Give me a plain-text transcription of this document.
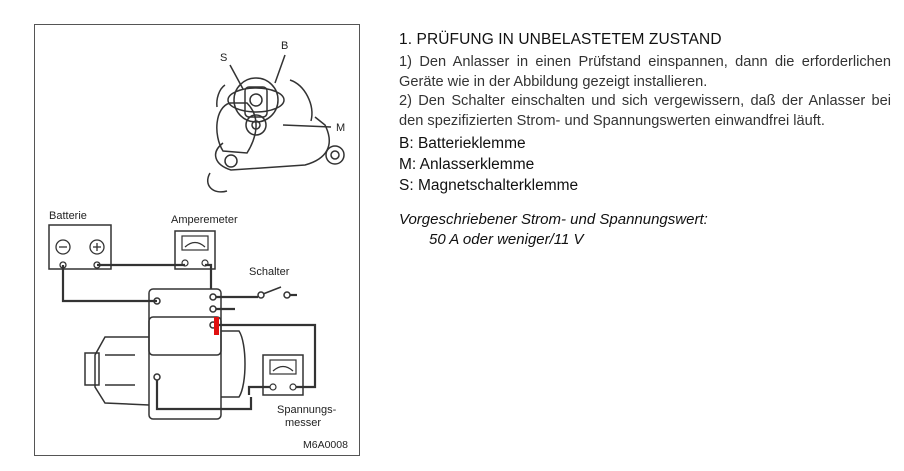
S
B
M
Batterie	Amperemeter
Schalter
Spannungs-
messer
M6A0008
1. PRÜFUNG IN UNBELASTETEM ZUSTAND

1) Den Anlasser in einen Prüfstand einspannen, dann die erforderlichen Geräte wie in der Abbildung gezeigt installieren.

2) Den Schalter einschalten und sich vergewissern, daß der Anlasser bei den spezifizierten Strom- und Spannungswerten einwandfrei läuft.

B: Batterieklemme
M: Anlasserklemme
S: Magnetschalterklemme
Vorgeschriebener Strom- und Spannungswert:
50 A oder weniger/11 V
